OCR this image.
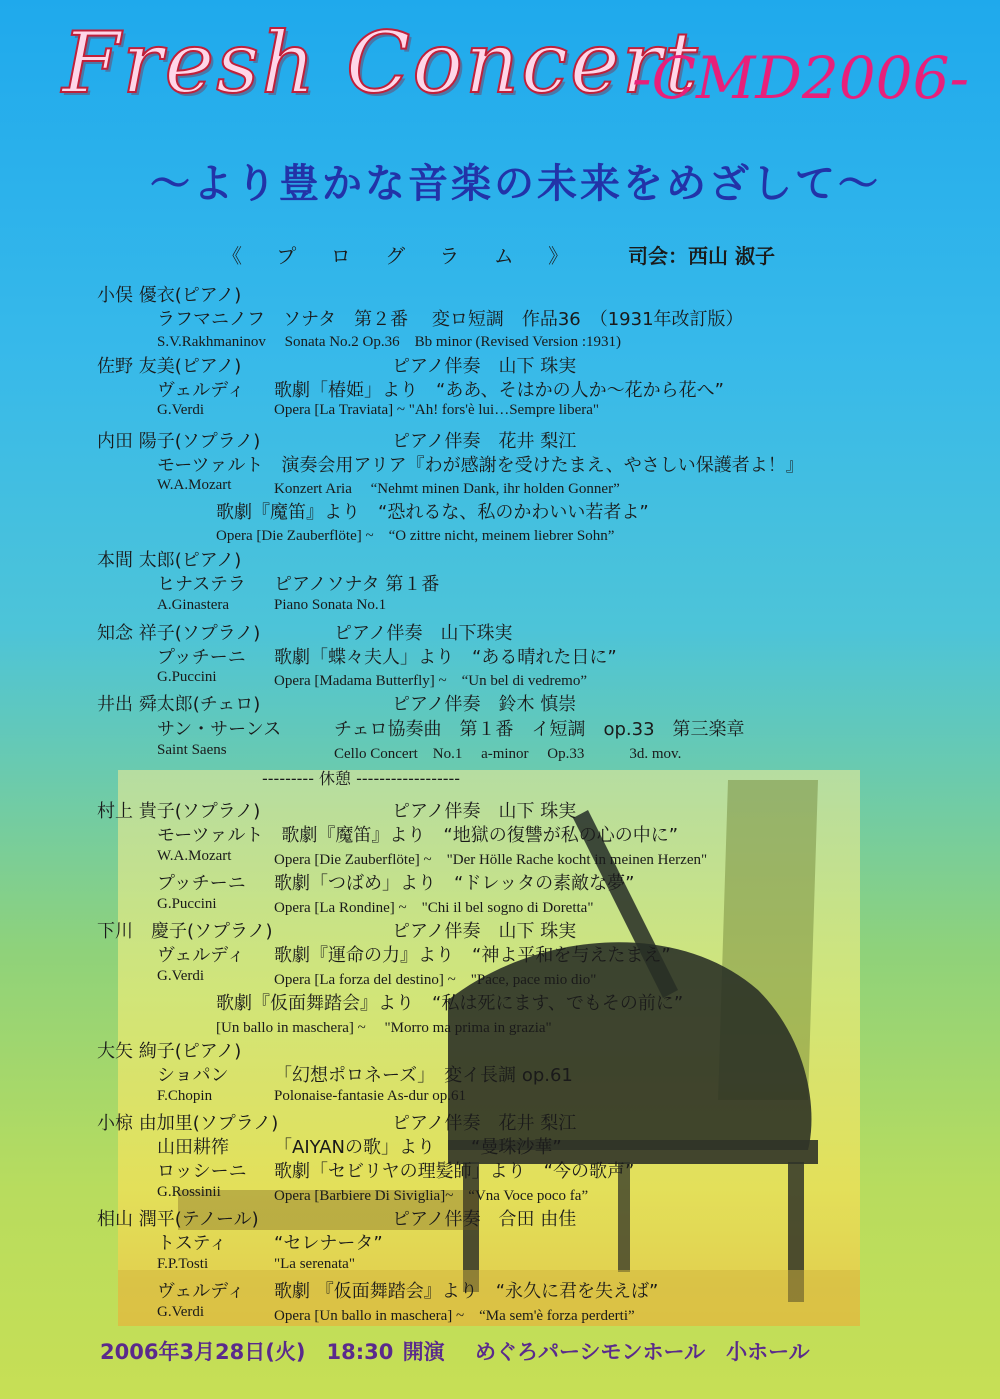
Fresh Concert
-CMD2006-
〜より豊かな音楽の未来をめざして〜
《 プ ロ グ ラ ム 》 司会：西山 淑子
小俣 優衣(ピアノ)
ラフマニノフ　ソナタ　第２番　 変ロ短調　作品36　（1931年改訂版）
S.V.Rakhmaninov　 Sonata No.2 Op.36　Bb minor (Revised Version :1931)
佐野 友美(ピアノ)	ピアノ伴奏　山下 珠実
ヴェルディ 歌劇「椿姫」より　“ああ、そはかの人か〜花から花へ”
G.Verdi	Opera [La Traviata] ~ "Ah! fors'è lui…Sempre libera"
内田 陽子(ソプラノ)	ピアノ伴奏　花井 梨江
モーツァルト　演奏会用アリア『わが感謝を受けたまえ、やさしい保護者よ！』
W.A.Mozart	Konzert Aria　 “Nehmt minen Dank, ihr holden Gonner”
歌劇『魔笛』より　“恐れるな、私のかわいい若者よ”
Opera [Die Zauberflöte] ~　“O zittre nicht, meinem liebrer Sohn”
本間 太郎(ピアノ)
ヒナステラ ピアノソナタ 第１番
A.Ginastera	Piano Sonata No.1
知念 祥子(ソプラノ)	ピアノ伴奏　山下珠実
プッチーニ 歌劇「蝶々夫人」より　“ある晴れた日に”
G.Puccini	Opera [Madama Butterfly] ~　“Un bel di vedremo”
井出 舜太郎(チェロ)	ピアノ伴奏　鈴木 慎崇
サン・サーンス	チェロ協奏曲　第１番　イ短調　op.33　第三楽章
Saint Saens	Cello Concert　No.1　 a-minor　 Op.33　　　3d. mov.
村上 貴子(ソプラノ)	ピアノ伴奏　山下 珠実
モーツァルト　歌劇『魔笛』より　“地獄の復讐が私の心の中に”
W.A.Mozart	Opera [Die Zauberflöte] ~　"Der Hölle Rache kocht in meinen Herzen"
プッチーニ 歌劇「つばめ」より　“ドレッタの素敵な夢”
G.Puccini	Opera [La Rondine] ~　"Chi il bel sogno di Doretta"
下川　慶子(ソプラノ)	ピアノ伴奏　山下 珠実
ヴェルディ 歌劇『運命の力』より　“神よ平和を与えたまえ”
G.Verdi	Opera [La forza del destino] ~　"Pace, pace mio dio"
歌劇『仮面舞踏会』より　“私は死にます、でもその前に”
[Un ballo in maschera] ~　 "Morro ma prima in grazia"
大矢 絢子(ピアノ)
ショパン	「幻想ポロネーズ」　変イ長調 op.61
F.Chopin	Polonaise-fantasie As-dur op.61
小椋 由加里(ソプラノ)	ピアノ伴奏　花井 梨江
山田耕筰	「AIYANの歌」より　　“曼珠沙華”
ロッシーニ 歌劇「セビリヤの理髪師」より　“今の歌声”
G.Rossinii	Opera [Barbiere Di Siviglia]~　“Vna Voce poco fa”
相山 潤平(テノール)	ピアノ伴奏　合田 由佳
トスティ	“セレナータ”
F.P.Tosti	"La serenata"
ヴェルディ 歌劇 『仮面舞踏会』より　“永久に君を失えば”
G.Verdi	Opera [Un ballo in maschera] ~　“Ma sem'è forza perderti”
--------- 休憩 ------------------
2006年3月28日(火)　18:30 開演　 めぐろパーシモンホール　小ホール
